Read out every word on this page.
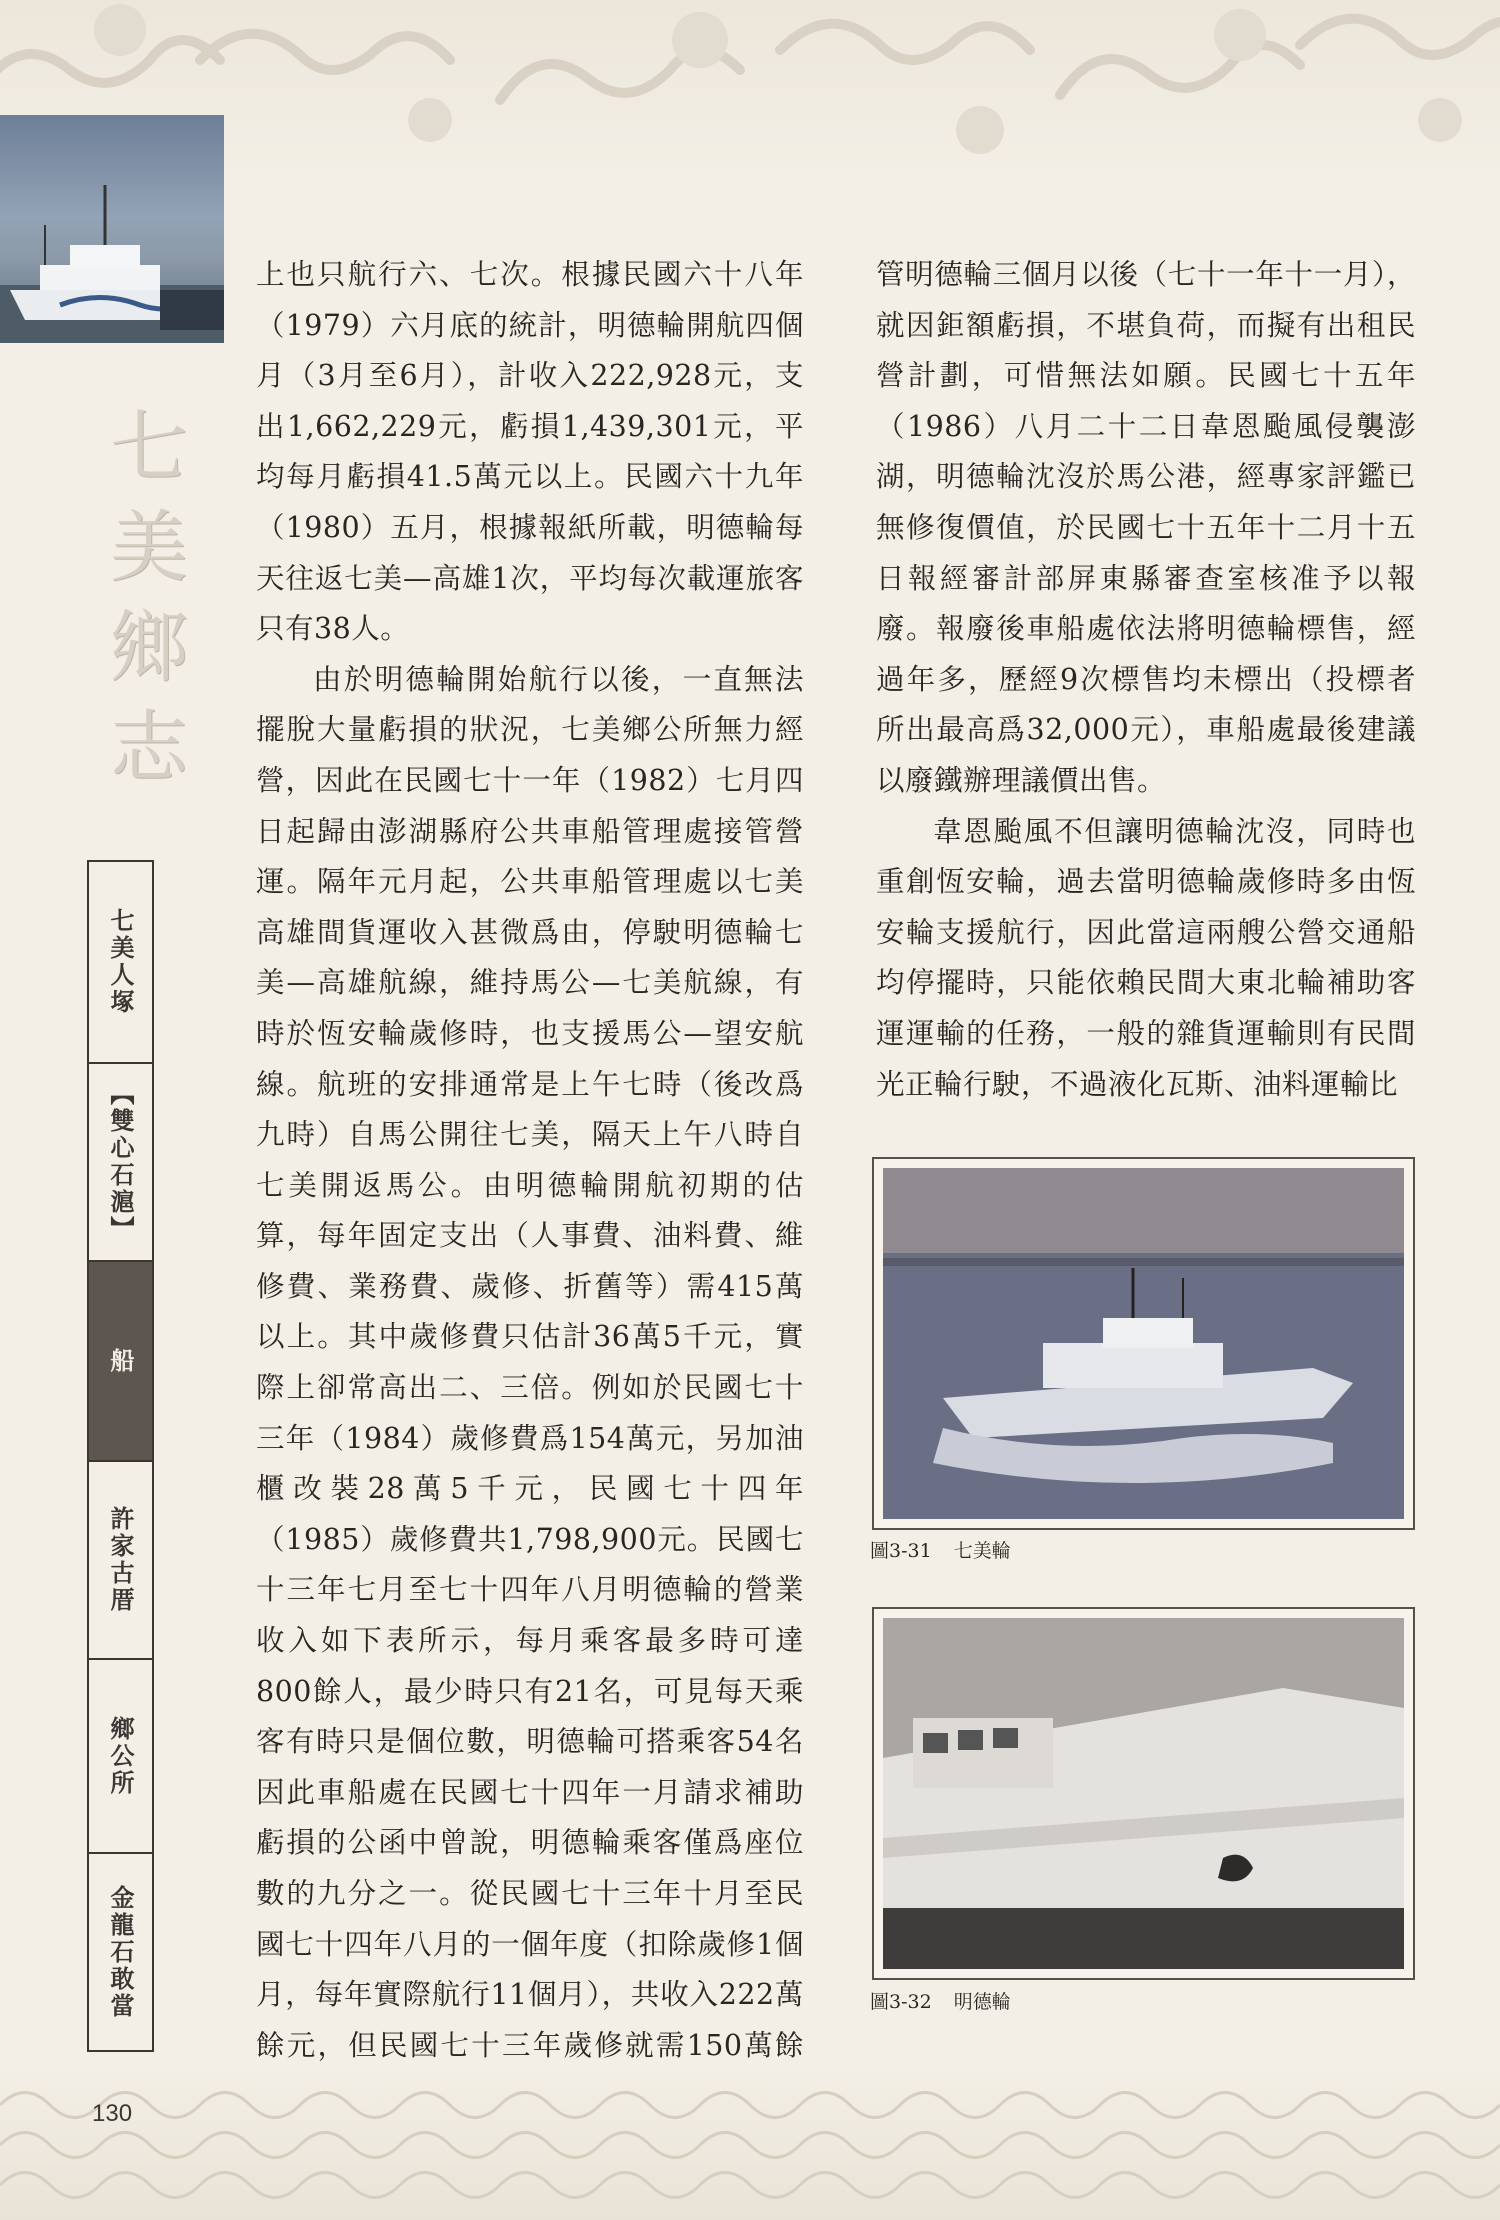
七
美
鄉
志
七美人塚
【雙心石滬】
船
許家古厝
鄉公所
金龍石敢當

上也只航行六、七次。根據民國六十八年（1979）六月底的統計，明德輪開航四個月（3月至6月），計收入222,928元，支出1,662,229元，虧損1,439,301元，平均每月虧損41.5萬元以上。民國六十九年（1980）五月，根據報紙所載，明德輪每天往返七美—高雄1次，平均每次載運旅客只有38人。

由於明德輪開始航行以後，一直無法擺脫大量虧損的狀況，七美鄉公所無力經營，因此在民國七十一年（1982）七月四日起歸由澎湖縣府公共車船管理處接管營運。隔年元月起，公共車船管理處以七美高雄間貨運收入甚微爲由，停駛明德輪七美—高雄航線，維持馬公—七美航線，有時於恆安輪歲修時，也支援馬公—望安航線。航班的安排通常是上午七時（後改爲九時）自馬公開往七美，隔天上午八時自七美開返馬公。由明德輪開航初期的估算，每年固定支出（人事費、油料費、維修費、業務費、歲修、折舊等）需415萬以上。其中歲修費只估計36萬5千元，實際上卻常高出二、三倍。例如於民國七十三年（1984）歲修費爲154萬元，另加油櫃改裝28萬5千元，民國七十四年（1985）歲修費共1,798,900元。民國七十三年七月至七十四年八月明德輪的營業收入如下表所示，每月乘客最多時可達800餘人，最少時只有21名，可見每天乘客有時只是個位數，明德輪可搭乘客54名因此車船處在民國七十四年一月請求補助虧損的公函中曾說，明德輪乘客僅爲座位數的九分之一。從民國七十三年十月至民國七十四年八月的一個年度（扣除歲修1個月，每年實際航行11個月），共收入222萬餘元，但民國七十三年歲修就需150萬餘

管明德輪三個月以後（七十一年十一月），就因鉅額虧損，不堪負荷，而擬有出租民營計劃，可惜無法如願。民國七十五年（1986）八月二十二日韋恩颱風侵襲澎湖，明德輪沈沒於馬公港，經專家評鑑已無修復價值，於民國七十五年十二月十五日報經審計部屏東縣審查室核准予以報廢。報廢後車船處依法將明德輪標售，經過年多，歷經9次標售均未標出（投標者所出最高爲32,000元），車船處最後建議以廢鐵辦理議價出售。

韋恩颱風不但讓明德輪沈沒，同時也重創恆安輪，過去當明德輪歲修時多由恆安輪支援航行，因此當這兩艘公營交通船均停擺時，只能依賴民間大東北輪補助客運運輸的任務，一般的雜貨運輸則有民間光正輪行駛，不過液化瓦斯、油料運輸比

圖3-31 七美輪
圖3-32 明德輪
130
